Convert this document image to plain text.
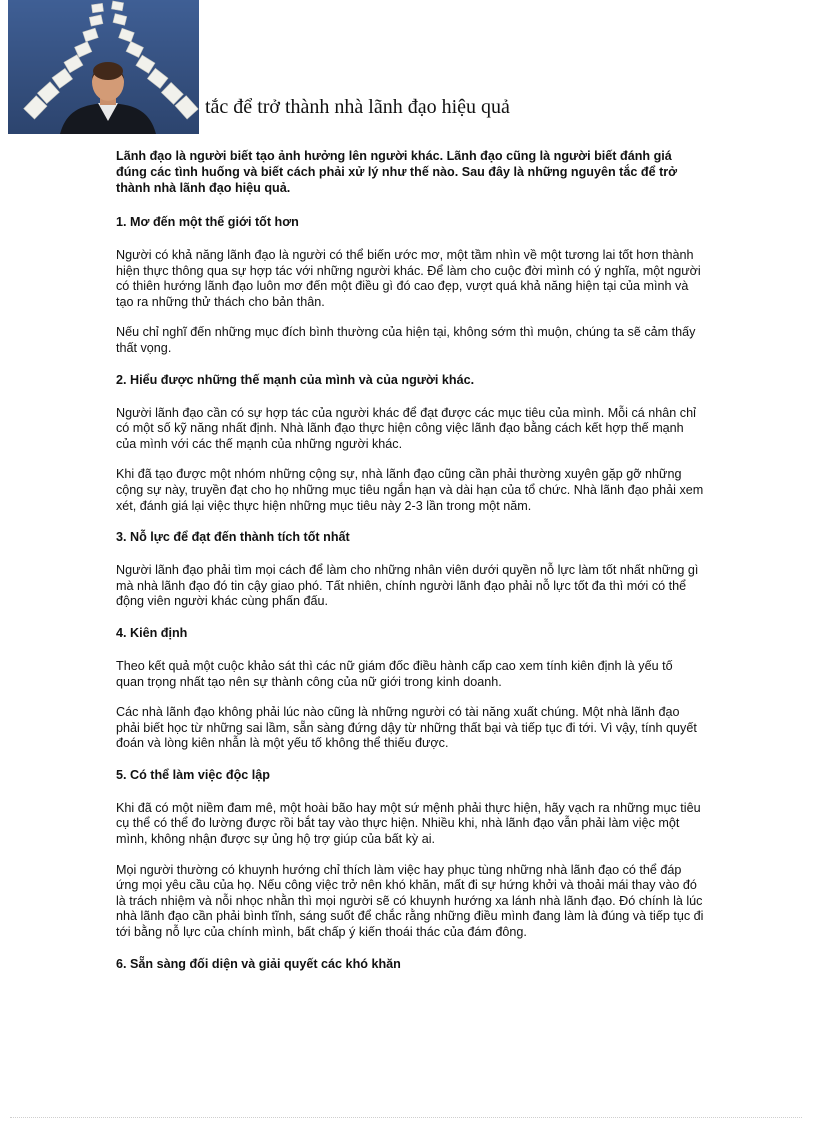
tắc để trở thành nhà lãnh đạo hiệu quả

Lãnh đạo là người biết tạo ảnh hưởng lên người khác. Lãnh đạo cũng là người biết đánh giá đúng các tình huống và biết cách phải xử lý như thế nào. Sau đây là những nguyên tắc để trở thành nhà lãnh đạo hiệu quả.

1. Mơ đến một thế giới tốt hơn

Người có khả năng lãnh đạo là người có thể biến ước mơ, một tầm nhìn về một tương lai tốt hơn thành hiện thực thông qua sự hợp tác với những người khác. Để làm cho cuộc đời mình có ý nghĩa, một người có thiên hướng lãnh đạo luôn mơ đến một điều gì đó cao đẹp, vượt quá khả năng hiện tại của mình và tạo ra những thử thách cho bản thân.

Nếu chỉ nghĩ đến những mục đích bình thường của hiện tại, không sớm thì muộn, chúng ta sẽ cảm thấy thất vọng.

2. Hiểu được những thế mạnh của mình và của người khác.

Người lãnh đạo cần có sự hợp tác của người khác để đạt được các mục tiêu của mình. Mỗi cá nhân chỉ có một số kỹ năng nhất định. Nhà lãnh đạo thực hiện công việc lãnh đạo bằng cách kết hợp thế mạnh của mình với các thế mạnh của những người khác.

Khi đã tạo được một nhóm những cộng sự, nhà lãnh đạo cũng cần phải thường xuyên gặp gỡ những cộng sự này, truyền đạt cho họ những mục tiêu ngắn hạn và dài hạn của tổ chức. Nhà lãnh đạo phải xem xét, đánh giá lại việc thực hiện những mục tiêu này 2-3 lần trong một năm.

3. Nỗ lực để đạt đến thành tích tốt nhất

Người lãnh đạo phải tìm mọi cách để làm cho những nhân viên dưới quyền nỗ lực làm tốt nhất những gì mà nhà lãnh đạo đó tin cậy giao phó. Tất nhiên, chính người lãnh đạo phải nỗ lực tốt đa thì mới có thể động viên người khác cùng phấn đấu.

4. Kiên định

Theo kết quả một cuộc khảo sát thì các nữ giám đốc điều hành cấp cao xem tính kiên định là yếu tố quan trọng nhất tạo nên sự thành công của nữ giới trong kinh doanh.

Các nhà lãnh đạo không phải lúc nào cũng là những người có tài năng xuất chúng. Một nhà lãnh đạo phải biết học từ những sai lầm, sẵn sàng đứng dậy từ những thất bại và tiếp tục đi tới. Vì vậy, tính quyết đoán và lòng kiên nhẫn là một yếu tố không thể thiếu được.

5. Có thể làm việc độc lập

Khi đã có một niềm đam mê, một hoài bão hay một sứ mệnh phải thực hiện, hãy vạch ra những mục tiêu cụ thể có thể đo lường được rồi bắt tay vào thực hiện. Nhiều khi, nhà lãnh đạo vẫn phải làm việc một mình, không nhận được sự ủng hộ trợ giúp của bất kỳ ai.

Mọi người thường có khuynh hướng chỉ thích làm việc hay phục tùng những nhà lãnh đạo có thể đáp ứng mọi yêu cầu của họ. Nếu công việc trở nên khó khăn, mất đi sự hứng khởi và thoải mái thay vào đó là trách nhiệm và nỗi nhọc nhằn thì mọi người sẽ có khuynh hướng xa lánh nhà lãnh đạo. Đó chính là lúc nhà lãnh đạo cần phải bình tĩnh, sáng suốt để chắc rằng những điều mình đang làm là đúng và tiếp tục đi tới bằng nỗ lực của chính mình, bất chấp ý kiến thoái thác của đám đông.

6. Sẵn sàng đối diện và giải quyết các khó khăn
